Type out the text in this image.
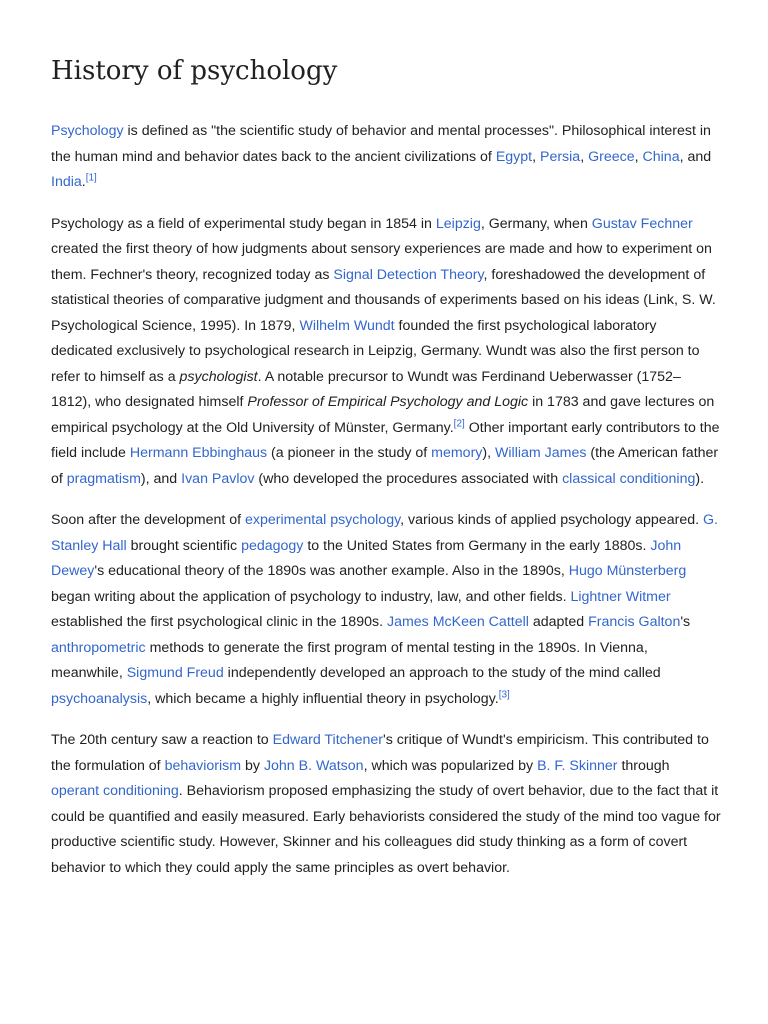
History of psychology

Psychology is defined as "the scientific study of behavior and mental processes". Philosophical interest in the human mind and behavior dates back to the ancient civilizations of Egypt, Persia, Greece, China, and India.[1]

Psychology as a field of experimental study began in 1854 in Leipzig, Germany, when Gustav Fechner created the first theory of how judgments about sensory experiences are made and how to experiment on them. Fechner's theory, recognized today as Signal Detection Theory, foreshadowed the development of statistical theories of comparative judgment and thousands of experiments based on his ideas (Link, S. W. Psychological Science, 1995). In 1879, Wilhelm Wundt founded the first psychological laboratory dedicated exclusively to psychological research in Leipzig, Germany. Wundt was also the first person to refer to himself as a psychologist. A notable precursor to Wundt was Ferdinand Ueberwasser (1752–1812), who designated himself Professor of Empirical Psychology and Logic in 1783 and gave lectures on empirical psychology at the Old University of Münster, Germany.[2] Other important early contributors to the field include Hermann Ebbinghaus (a pioneer in the study of memory), William James (the American father of pragmatism), and Ivan Pavlov (who developed the procedures associated with classical conditioning).

Soon after the development of experimental psychology, various kinds of applied psychology appeared. G. Stanley Hall brought scientific pedagogy to the United States from Germany in the early 1880s. John Dewey's educational theory of the 1890s was another example. Also in the 1890s, Hugo Münsterberg began writing about the application of psychology to industry, law, and other fields. Lightner Witmer established the first psychological clinic in the 1890s. James McKeen Cattell adapted Francis Galton's anthropometric methods to generate the first program of mental testing in the 1890s. In Vienna, meanwhile, Sigmund Freud independently developed an approach to the study of the mind called psychoanalysis, which became a highly influential theory in psychology.[3]

The 20th century saw a reaction to Edward Titchener's critique of Wundt's empiricism. This contributed to the formulation of behaviorism by John B. Watson, which was popularized by B. F. Skinner through operant conditioning. Behaviorism proposed emphasizing the study of overt behavior, due to the fact that it could be quantified and easily measured. Early behaviorists considered the study of the mind too vague for productive scientific study. However, Skinner and his colleagues did study thinking as a form of covert behavior to which they could apply the same principles as overt behavior.
